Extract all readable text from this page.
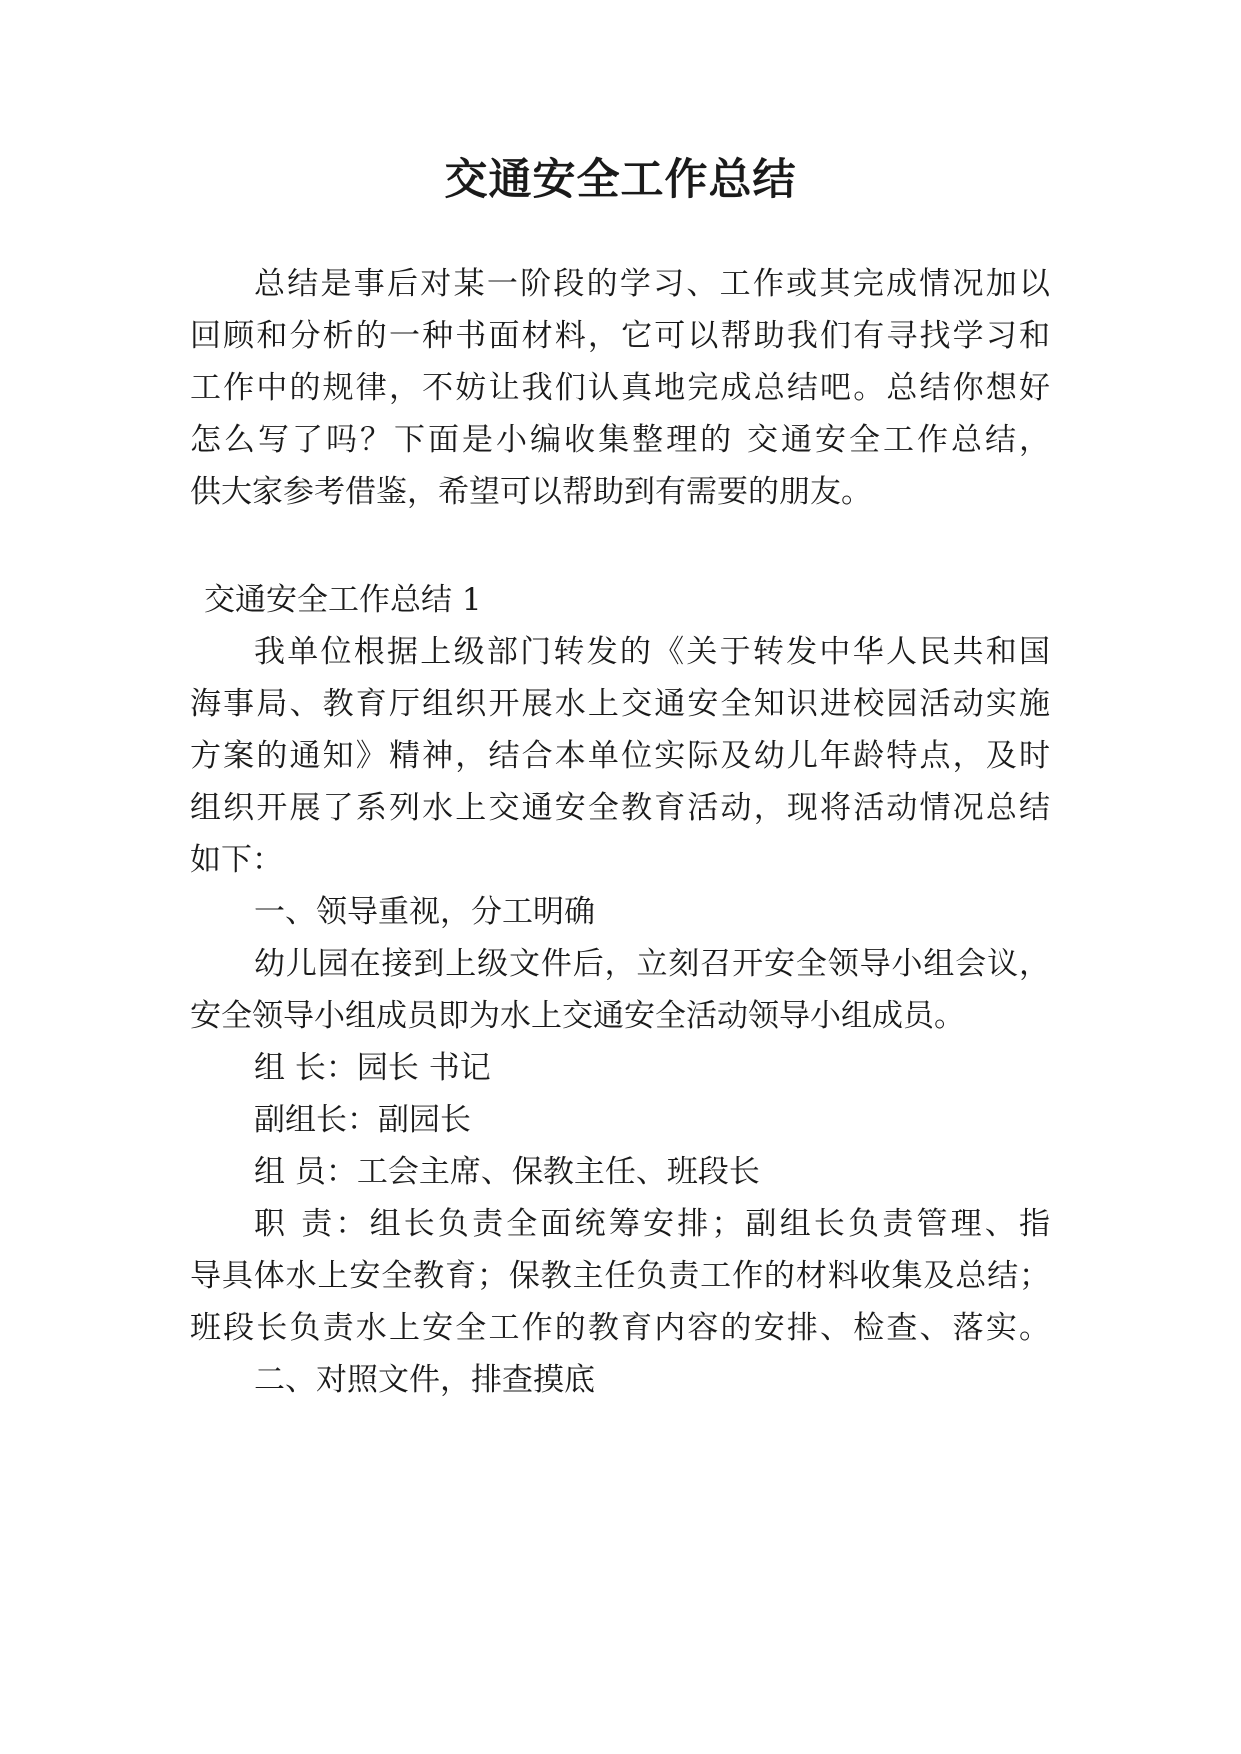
交通安全工作总结

总结是事后对某一阶段的学习、工作或其完成情况加以

回顾和分析的一种书面材料，它可以帮助我们有寻找学习和

工作中的规律，不妨让我们认真地完成总结吧。总结你想好

怎么写了吗？下面是小编收集整理的 交通安全工作总结，

供大家参考借鉴，希望可以帮助到有需要的朋友。

交通安全工作总结 1

我单位根据上级部门转发的《关于转发中华人民共和国

海事局、教育厅组织开展水上交通安全知识进校园活动实施

方案的通知》精神，结合本单位实际及幼儿年龄特点，及时

组织开展了系列水上交通安全教育活动，现将活动情况总结

如下：

一、领导重视，分工明确

幼儿园在接到上级文件后，立刻召开安全领导小组会议，

安全领导小组成员即为水上交通安全活动领导小组成员。

组 长：园长 书记

副组长：副园长

组 员：工会主席、保教主任、班段长

职 责：组长负责全面统筹安排；副组长负责管理、指

导具体水上安全教育；保教主任负责工作的材料收集及总结；

班段长负责水上安全工作的教育内容的安排、检查、落实。

二、对照文件，排查摸底
